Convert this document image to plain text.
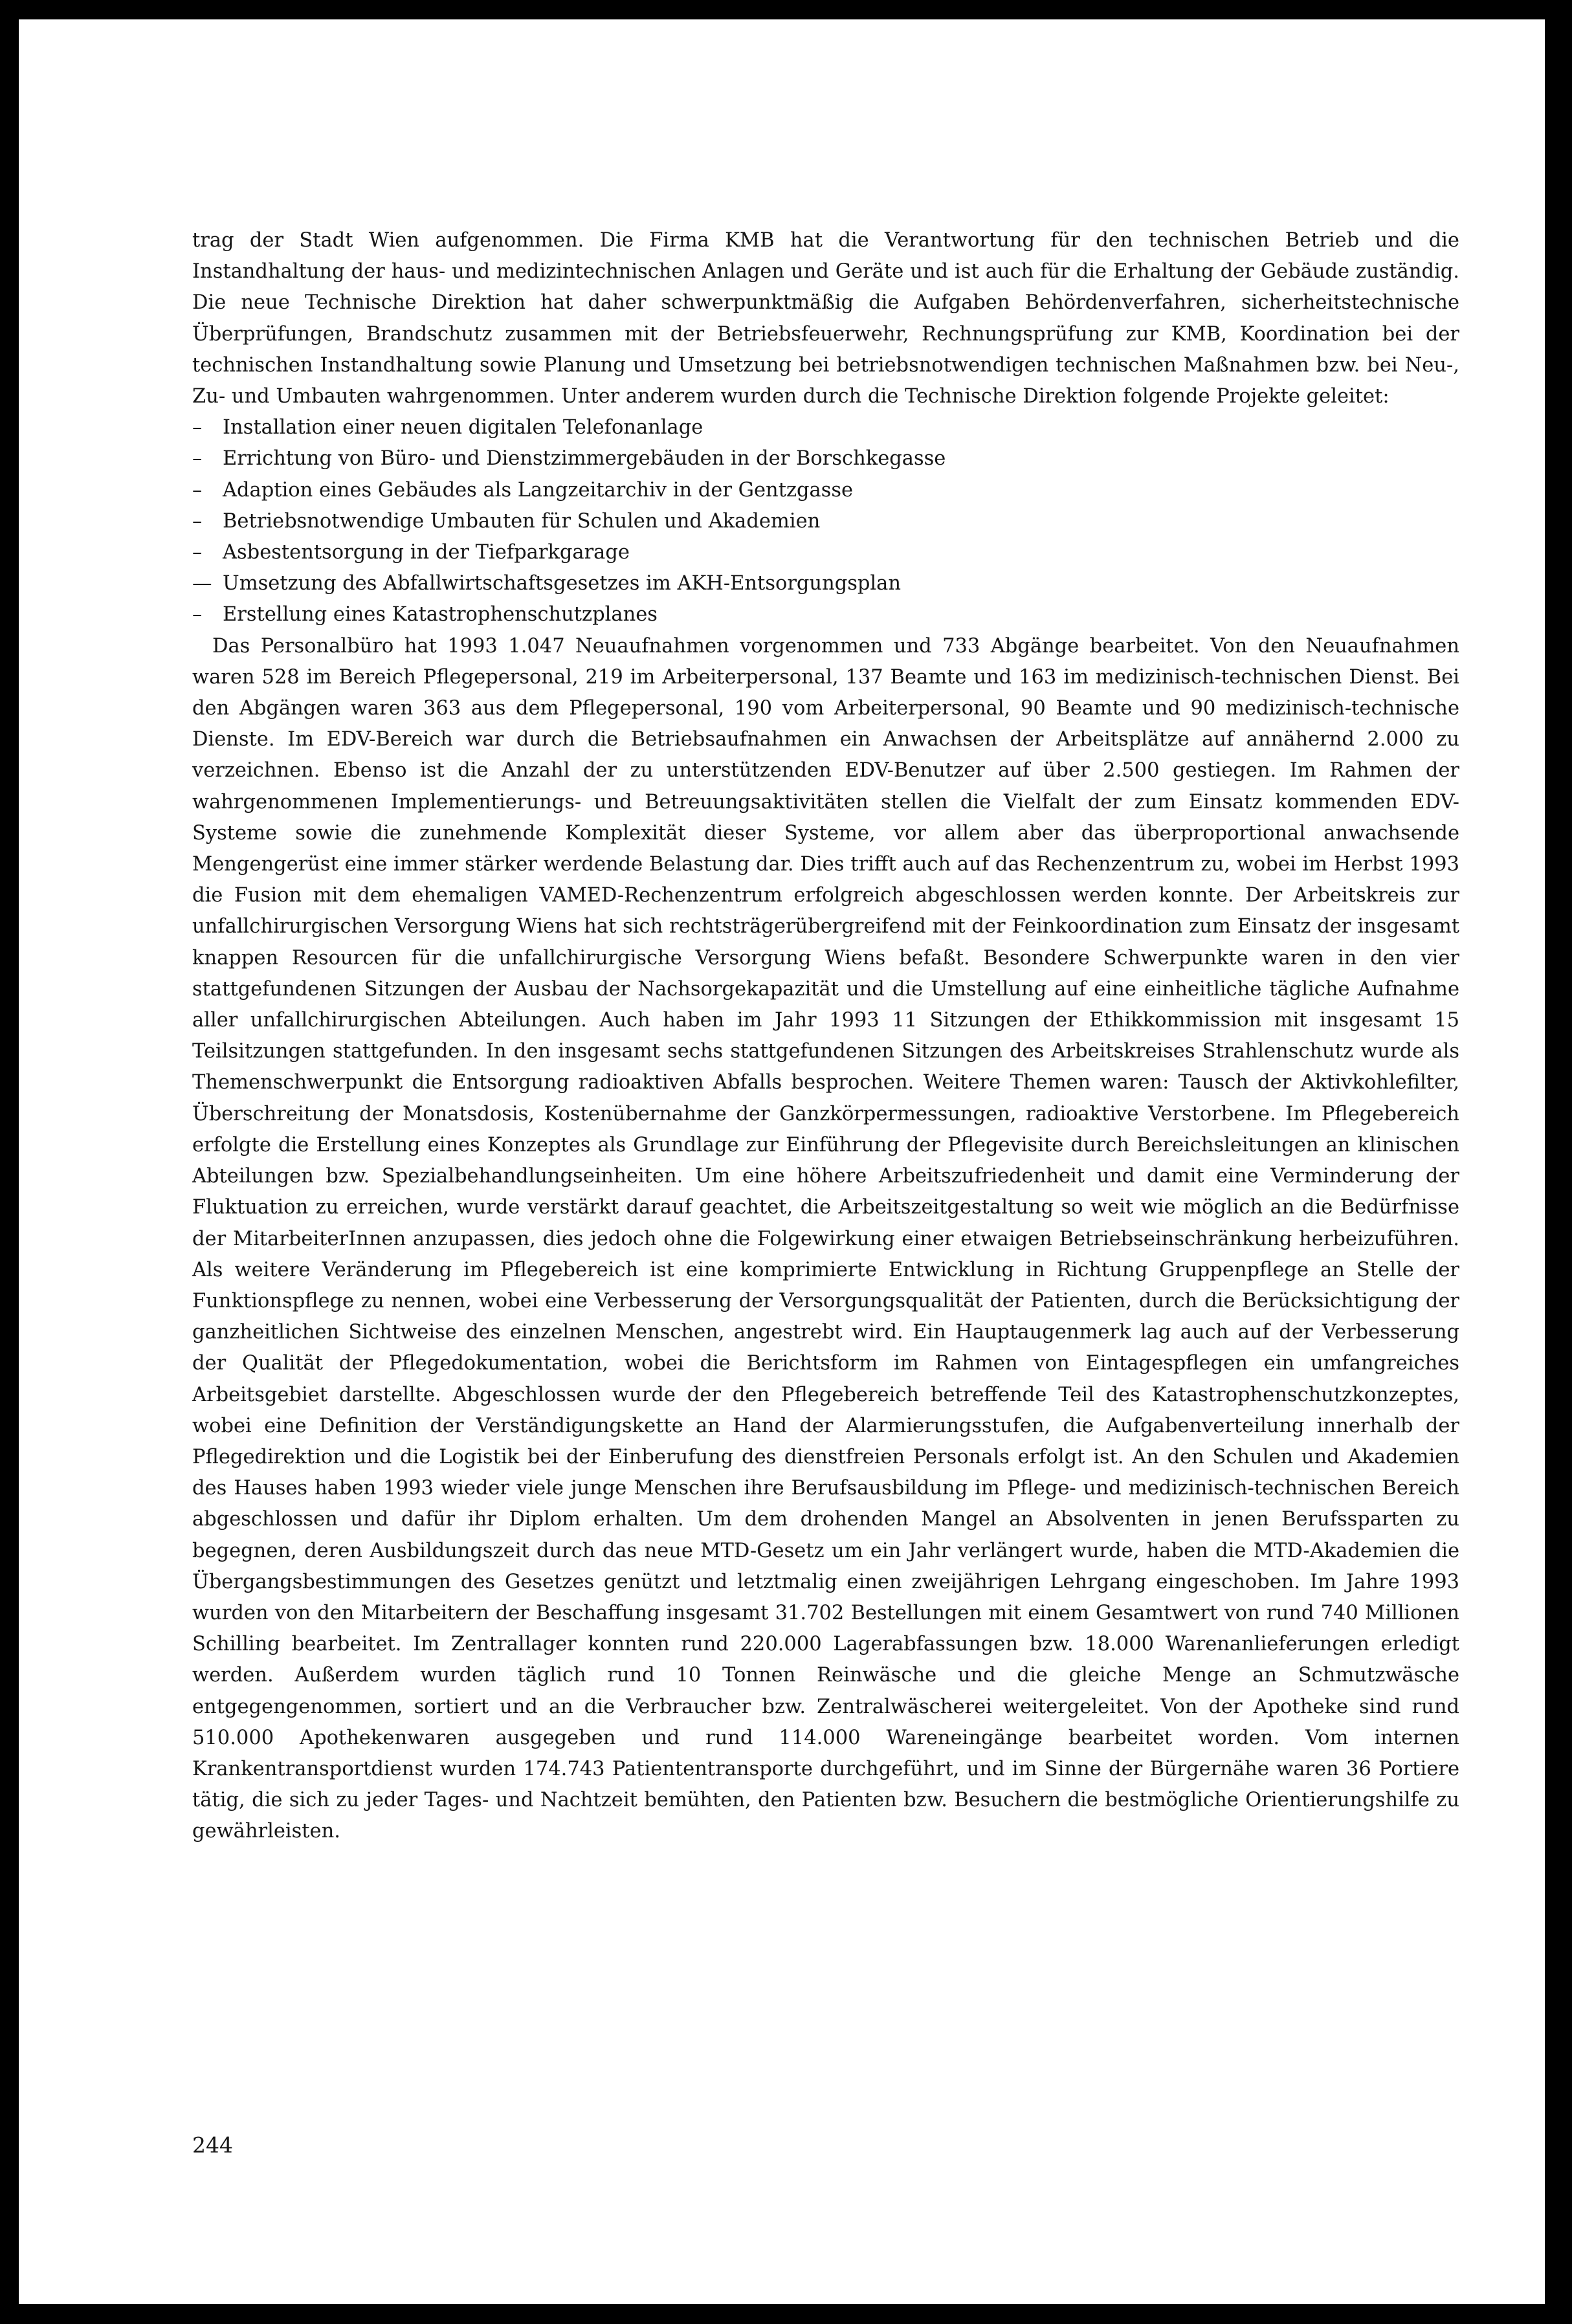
trag der Stadt Wien aufgenommen. Die Firma KMB hat die Verantwortung für den technischen Betrieb und die Instandhaltung der haus- und medizintechnischen Anlagen und Geräte und ist auch für die Erhaltung der Gebäude zuständig. Die neue Technische Direktion hat daher schwerpunktmäßig die Aufgaben Behördenverfahren, sicherheitstechnische Überprüfungen, Brandschutz zusammen mit der Betriebsfeuerwehr, Rechnungsprüfung zur KMB, Koordination bei der technischen Instandhaltung sowie Planung und Umsetzung bei betriebsnotwendigen technischen Maßnahmen bzw. bei Neu-, Zu- und Umbauten wahrgenommen. Unter anderem wurden durch die Technische Direktion folgende Projekte geleitet:

– Installation einer neuen digitalen Telefonanlage
– Errichtung von Büro- und Dienstzimmergebäuden in der Borschkegasse
– Adaption eines Gebäudes als Langzeitarchiv in der Gentzgasse
– Betriebsnotwendige Umbauten für Schulen und Akademien
– Asbestentsorgung in der Tiefparkgarage
— Umsetzung des Abfallwirtschaftsgesetzes im AKH-Entsorgungsplan
– Erstellung eines Katastrophenschutzplanes

Das Personalbüro hat 1993 1.047 Neuaufnahmen vorgenommen und 733 Abgänge bearbeitet. Von den Neuaufnahmen waren 528 im Bereich Pflegepersonal, 219 im Arbeiterpersonal, 137 Beamte und 163 im medizinisch-technischen Dienst. Bei den Abgängen waren 363 aus dem Pflegepersonal, 190 vom Arbeiterpersonal, 90 Beamte und 90 medizinisch-technische Dienste. Im EDV-Bereich war durch die Betriebsaufnahmen ein Anwachsen der Arbeitsplätze auf annähernd 2.000 zu verzeichnen. Ebenso ist die Anzahl der zu unterstützenden EDV-Benutzer auf über 2.500 gestiegen. Im Rahmen der wahrgenommenen Implementierungs- und Betreuungsaktivitäten stellen die Vielfalt der zum Einsatz kommenden EDV-Systeme sowie die zunehmende Komplexität dieser Systeme, vor allem aber das überproportional anwachsende Mengengerüst eine immer stärker werdende Belastung dar. Dies trifft auch auf das Rechenzentrum zu, wobei im Herbst 1993 die Fusion mit dem ehemaligen VAMED-Rechenzentrum erfolgreich abgeschlossen werden konnte. Der Arbeitskreis zur unfallchirurgischen Versorgung Wiens hat sich rechtsträgerübergreifend mit der Feinkoordination zum Einsatz der insgesamt knappen Resourcen für die unfallchirurgische Versorgung Wiens befaßt. Besondere Schwerpunkte waren in den vier stattgefundenen Sitzungen der Ausbau der Nachsorgekapazität und die Umstellung auf eine einheitliche tägliche Aufnahme aller unfallchirurgischen Abteilungen. Auch haben im Jahr 1993 11 Sitzungen der Ethikkommission mit insgesamt 15 Teilsitzungen stattgefunden. In den insgesamt sechs stattgefundenen Sitzungen des Arbeitskreises Strahlenschutz wurde als Themenschwerpunkt die Entsorgung radioaktiven Abfalls besprochen. Weitere Themen waren: Tausch der Aktivkohlefilter, Überschreitung der Monatsdosis, Kostenübernahme der Ganzkörpermessungen, radioaktive Verstorbene. Im Pflegebereich erfolgte die Erstellung eines Konzeptes als Grundlage zur Einführung der Pflegevisite durch Bereichsleitungen an klinischen Abteilungen bzw. Spezialbehandlungseinheiten. Um eine höhere Arbeitszufriedenheit und damit eine Verminderung der Fluktuation zu erreichen, wurde verstärkt darauf geachtet, die Arbeitszeitgestaltung so weit wie möglich an die Bedürfnisse der MitarbeiterInnen anzupassen, dies jedoch ohne die Folgewirkung einer etwaigen Betriebseinschränkung herbeizuführen. Als weitere Veränderung im Pflegebereich ist eine komprimierte Entwicklung in Richtung Gruppenpflege an Stelle der Funktionspflege zu nennen, wobei eine Verbesserung der Versorgungsqualität der Patienten, durch die Berücksichtigung der ganzheitlichen Sichtweise des einzelnen Menschen, angestrebt wird. Ein Hauptaugenmerk lag auch auf der Verbesserung der Qualität der Pflegedokumentation, wobei die Berichtsform im Rahmen von Eintagespflegen ein umfangreiches Arbeitsgebiet darstellte. Abgeschlossen wurde der den Pflegebereich betreffende Teil des Katastrophenschutzkonzeptes, wobei eine Definition der Verständigungskette an Hand der Alarmierungsstufen, die Aufgabenverteilung innerhalb der Pflegedirektion und die Logistik bei der Einberufung des dienstfreien Personals erfolgt ist. An den Schulen und Akademien des Hauses haben 1993 wieder viele junge Menschen ihre Berufsausbildung im Pflege- und medizinisch-technischen Bereich abgeschlossen und dafür ihr Diplom erhalten. Um dem drohenden Mangel an Absolventen in jenen Berufssparten zu begegnen, deren Ausbildungszeit durch das neue MTD-Gesetz um ein Jahr verlängert wurde, haben die MTD-Akademien die Übergangsbestimmungen des Gesetzes genützt und letztmalig einen zweijährigen Lehrgang eingeschoben. Im Jahre 1993 wurden von den Mitarbeitern der Beschaffung insgesamt 31.702 Bestellungen mit einem Gesamtwert von rund 740 Millionen Schilling bearbeitet. Im Zentrallager konnten rund 220.000 Lagerabfassungen bzw. 18.000 Warenanlieferungen erledigt werden. Außerdem wurden täglich rund 10 Tonnen Reinwäsche und die gleiche Menge an Schmutzwäsche entgegengenommen, sortiert und an die Verbraucher bzw. Zentralwäscherei weitergeleitet. Von der Apotheke sind rund 510.000 Apothekenwaren ausgegeben und rund 114.000 Wareneingänge bearbeitet worden. Vom internen Krankentransportdienst wurden 174.743 Patiententransporte durchgeführt, und im Sinne der Bürgernähe waren 36 Portiere tätig, die sich zu jeder Tages- und Nachtzeit bemühten, den Patienten bzw. Besuchern die bestmögliche Orientierungshilfe zu gewährleisten.

244
